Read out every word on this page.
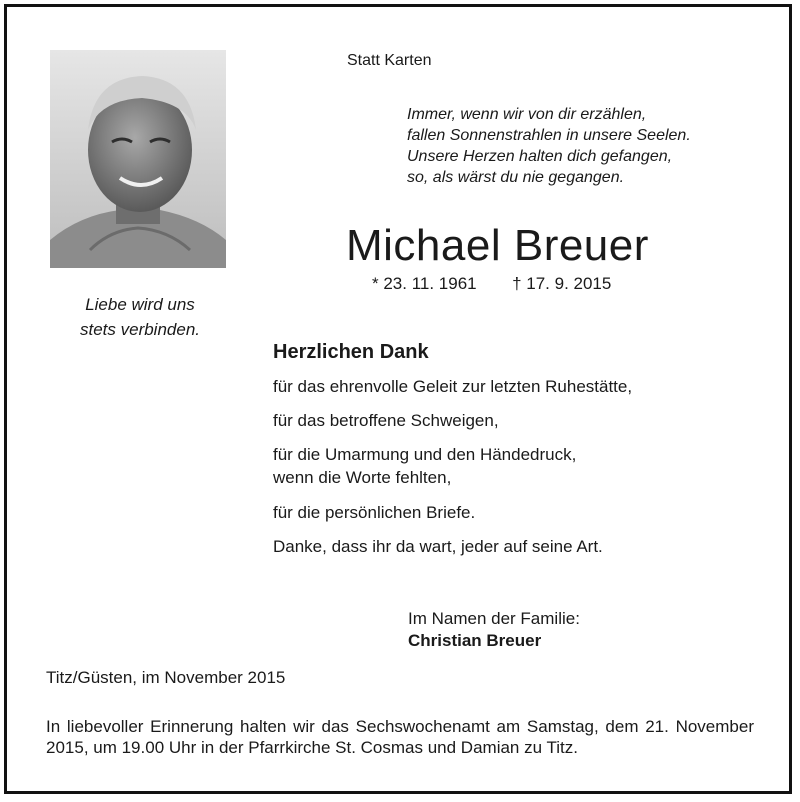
Liebe wird uns
stets verbinden.
Statt Karten
Immer, wenn wir von dir erzählen,
fallen Sonnenstrahlen in unsere Seelen.
Unsere Herzen halten dich gefangen,
so, als wärst du nie gegangen.
Michael Breuer
* 23. 11. 1961 † 17. 9. 2015
Herzlichen Dank
für das ehrenvolle Geleit zur letzten Ruhestätte,
für das betroffene Schweigen,
für die Umarmung und den Händedruck,
wenn die Worte fehlten,
für die persönlichen Briefe.
Danke, dass ihr da wart, jeder auf seine Art.
Im Namen der Familie:
Christian Breuer
Titz/Güsten, im November 2015
In liebevoller Erinnerung halten wir das Sechswochenamt am Samstag, dem 21. November 2015, um 19.00 Uhr in der Pfarrkirche St. Cosmas und Damian zu Titz.
